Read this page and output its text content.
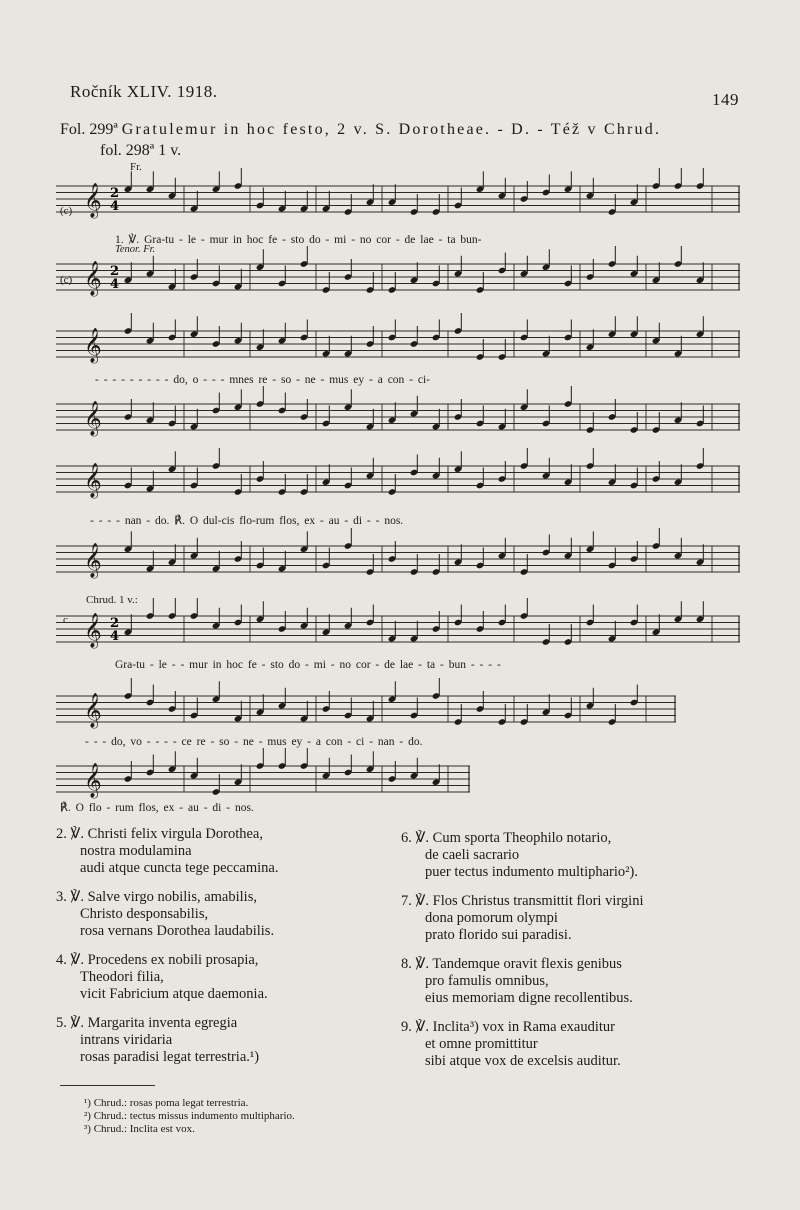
Ročník XLIV. 1918.	149
Fol. 299ª Gratulemur in hoc festo, 2 v. S. Dorotheae. - D. - Též v Chrud.
fol. 298ª 1 v.
Fr.
(c) 𝄞 2
4
1. ℣. Gra-tu - le - mur in hoc fe - sto do - mi - no cor - de lae - ta bun-
Tenor. Fr.
𝄞 2
4
(c)
𝄞
- - - - - - - - - do, o - - - mnes re - so - ne - mus ey - a con - ci-
𝄞
𝄞
- - - - nan - do. ℟. O dul-cis flo-rum flos, ex - au - di - - nos.
𝄞
Chrud. 1 v.:
c 𝄞 2
4
Gra-tu - le - - mur in hoc fe - sto do - mi - no cor - de lae - ta - bun - - - -
𝄞
- - - do, vo - - - - ce re - so - ne - mus ey - a con - ci - nan - do.
𝄞
℟. O flo - rum flos, ex - au - di - nos.
2. ℣. Christi felix virgula Dorothea,
nostra modulamina
audi atque cuncta tege peccamina.
3. ℣. Salve virgo nobilis, amabilis,
Christo desponsabilis,
rosa vernans Dorothea laudabilis.
4. ℣. Procedens ex nobili prosapia,
Theodori filia,
vicit Fabricium atque daemonia.
5. ℣. Margarita inventa egregia
intrans viridaria
rosas paradisi legat terrestria.¹)
6. ℣. Cum sporta Theophilo notario,
de caeli sacrario
puer tectus indumento multiphario²).
7. ℣. Flos Christus transmittit flori virgini
dona pomorum olympi
prato florido sui paradisi.
8. ℣. Tandemque oravit flexis genibus
pro famulis omnibus,
eius memoriam digne recollentibus.
9. ℣. Inclita³) vox in Rama exauditur
et omne promittitur
sibi atque vox de excelsis auditur.
¹) Chrud.: rosas poma legat terrestria.
²) Chrud.: tectus missus indumento multiphario.
³) Chrud.: Inclita est vox.
